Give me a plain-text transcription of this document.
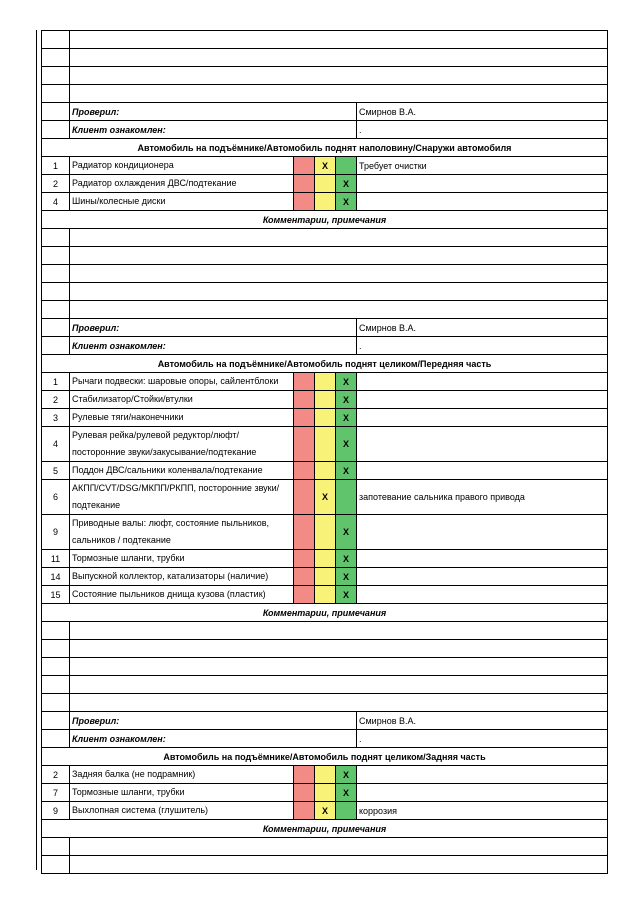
	Проверил:				Смирнов В.А.
	Клиент ознакомлен:				.
Автомобиль на подъёмнике/Автомобиль поднят наполовину/Снаружи автомобиля					
1	Радиатор кондиционера		X		Требует очистки
2	Радиатор охлаждения ДВС/подтекание			X	
4	Шины/колесные диски			X	
Комментарии, примечания					

	Проверил:				Смирнов В.А.
	Клиент ознакомлен:				.
Автомобиль на подъёмнике/Автомобиль поднят целиком/Передняя часть					
1	Рычаги подвески: шаровые опоры, сайлентблоки			X	
2	Стабилизатор/Стойки/втулки			X	
3	Рулевые тяги/наконечники			X	
4	Рулевая рейка/рулевой редуктор/люфт/посторонние звуки/закусывание/подтекание			X	
5	Поддон ДВС/сальники коленвала/подтекание			X	
6	АКПП/CVT/DSG/МКПП/РКПП, посторонние звуки/ подтекание		X		запотевание сальника правого привода
9	Приводные валы: люфт, состояние пыльников, сальников / подтекание			X	
11	Тормозные шланги, трубки			X	
14	Выпускной коллектор, катализаторы (наличие)			X	
15	Состояние пыльников днища кузова (пластик)			X	
Комментарии, примечания					

	Проверил:				Смирнов В.А.
	Клиент ознакомлен:				.
Автомобиль на подъёмнике/Автомобиль поднят целиком/Задняя часть					
2	Задняя балка (не подрамник)			X	
7	Тормозные шланги, трубки			X	
9	Выхлопная система (глушитель)		X		коррозия
Комментарии, примечания					
